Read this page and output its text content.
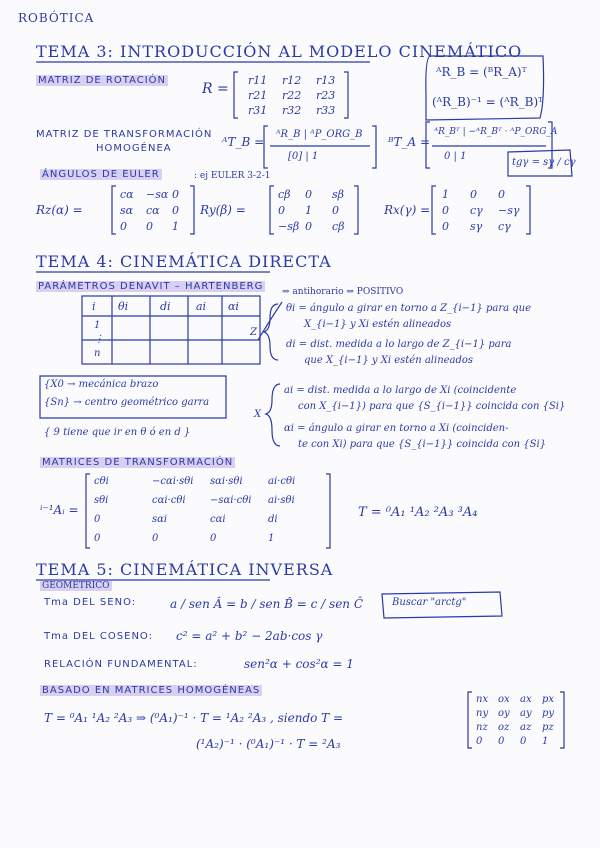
ROBÓTICA
TEMA 3: INTRODUCCIÓN AL MODELO CINEMÁTICO
MATRIZ DE ROTACIÓN
R =
r11 r12 r13
r21 r22 r23
r31 r32 r33
ᴬR_B = (ᴮR_A)ᵀ
(ᴬR_B)⁻¹ = (ᴬR_B)ᵀ
MATRIZ DE TRANSFORMACIÓN
HOMOGÉNEA	ᴬT_B =
ᴬR_B | ᴬP_ORG_B
[0] | 1
ᴮT_A =
ᴬR_Bᵀ | −ᴬR_Bᵀ · ᴬP_ORG_A
0 | 1
tgγ = sγ / cγ
ÁNGULOS DE EULER	: ej EULER 3-2-1
Rz(α) =	Ry(β) =	Rx(γ) =
cα −sα 0
sα cα 0
0 0 1
cβ 0 sβ
0 1 0
−sβ 0 cβ
1 0 0
0 cγ −sγ
0 sγ cγ
TEMA 4: CINEMÁTICA DIRECTA
PARÁMETROS DENAVIT – HARTENBERG ⇒ antihorario ⇒ POSITIVO
i θi	di ai αi
1
⋮
n
θi = ángulo a girar en torno a Z_{i−1} para que
X_{i−1} y Xi estén alineados
di = dist. medida a lo largo de Z_{i−1} para
que X_{i−1} y Xi estén alineados
ai = dist. medida a lo largo de Xi (coincidente
con X_{i−1}) para que {S_{i−1}} coincida con {Si}
αi = ángulo a girar en torno a Xi (coinciden-
te con Xi) para que {S_{i−1}} coincida con {Si}
Z
X
{X0 → mecánica brazo
{Sn} → centro geométrico garra
{ 9 tiene que ir en θ ó en d }
MATRICES DE TRANSFORMACIÓN
ⁱ⁻¹Aᵢ =
cθi	−cαi·sθi sαi·sθi	ai·cθi
sθi	cαi·cθi −sαi·cθi ai·sθi
0	sαi	cαi	di
0	0	0	1
T = ⁰A₁ ¹A₂ ²A₃ ³A₄
TEMA 5: CINEMÁTICA INVERSA
GEOMÉTRICO
Tma DEL SENO:	a / sen Â = b / sen B̂ = c / sen Ĉ	Buscar "arctg"
Tma DEL COSENO: c² = a² + b² − 2ab·cos γ
RELACIÓN FUNDAMENTAL:	sen²α + cos²α = 1
BASADO EN MATRICES HOMOGÉNEAS
T = ⁰A₁ ¹A₂ ²A₃ ⇒ (⁰A₁)⁻¹ · T = ¹A₂ ²A₃ , siendo T =
(¹A₂)⁻¹ · (⁰A₁)⁻¹ · T = ²A₃
nx ox ax px
ny oy ay py
nz oz az pz
0 0 0 1
